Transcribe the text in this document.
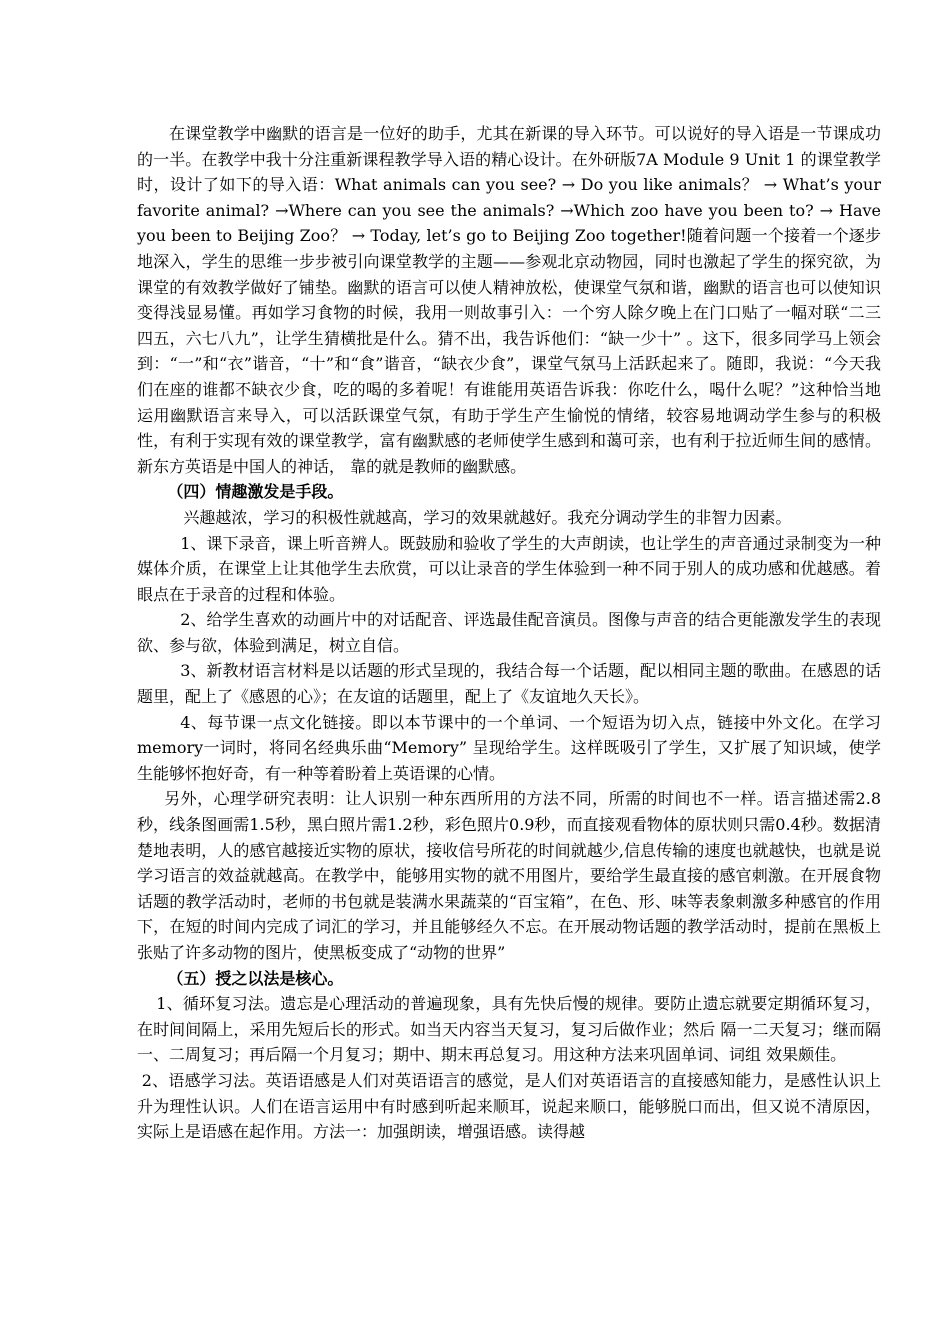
在课堂教学中幽默的语言是一位好的助手，尤其在新课的导入环节。可以说好的导入语是一节课成功的一半。在教学中我十分注重新课程教学导入语的精心设计。在外研版7A Module 9 Unit 1 的课堂教学时，设计了如下的导入语：What animals can you see? → Do you like animals？ → What’s your favorite animal? →Where can you see the animals? →Which zoo have you been to? → Have you been to Beijing Zoo？ → Today, let’s go to Beijing Zoo together!随着问题一个接着一个逐步地深入，学生的思维一步步被引向课堂教学的主题——参观北京动物园，同时也激起了学生的探究欲，为课堂的有效教学做好了铺垫。幽默的语言可以使人精神放松，使课堂气氛和谐，幽默的语言也可以使知识变得浅显易懂。再如学习食物的时候，我用一则故事引入：一个穷人除夕晚上在门口贴了一幅对联“二三四五，六七八九”，让学生猜横批是什么。猜不出，我告诉他们：“缺一少十” 。这下，很多同学马上领会到：“一”和“衣”谐音，“十”和“食”谐音，“缺衣少食”，课堂气氛马上活跃起来了。随即，我说：“今天我们在座的谁都不缺衣少食，吃的喝的多着呢！有谁能用英语告诉我：你吃什么，喝什么呢？”这种恰当地运用幽默语言来导入，可以活跃课堂气氛，有助于学生产生愉悦的情绪，较容易地调动学生参与的积极性，有利于实现有效的课堂教学，富有幽默感的老师使学生感到和蔼可亲，也有利于拉近师生间的感情。新东方英语是中国人的神话， 靠的就是教师的幽默感。

（四）情趣激发是手段。

兴趣越浓，学习的积极性就越高，学习的效果就越好。我充分调动学生的非智力因素。

1、课下录音，课上听音辨人。既鼓励和验收了学生的大声朗读，也让学生的声音通过录制变为一种媒体介质，在课堂上让其他学生去欣赏，可以让录音的学生体验到一种不同于别人的成功感和优越感。着眼点在于录音的过程和体验。

2、给学生喜欢的动画片中的对话配音、评选最佳配音演员。图像与声音的结合更能激发学生的表现欲、参与欲，体验到满足，树立自信。

3、新教材语言材料是以话题的形式呈现的，我结合每一个话题，配以相同主题的歌曲。在感恩的话题里，配上了《感恩的心》；在友谊的话题里，配上了《友谊地久天长》。

4、每节课一点文化链接。即以本节课中的一个单词、一个短语为切入点，链接中外文化。在学习memory一词时，将同名经典乐曲“Memory” 呈现给学生。这样既吸引了学生，又扩展了知识域，使学生能够怀抱好奇，有一种等着盼着上英语课的心情。

另外，心理学研究表明：让人识别一种东西所用的方法不同，所需的时间也不一样。语言描述需2.8秒，线条图画需1.5秒，黑白照片需1.2秒，彩色照片0.9秒，而直接观看物体的原状则只需0.4秒。数据清楚地表明，人的感官越接近实物的原状，接收信号所花的时间就越少,信息传输的速度也就越快，也就是说学习语言的效益就越高。在教学中，能够用实物的就不用图片，要给学生最直接的感官刺激。在开展食物话题的教学活动时，老师的书包就是装满水果蔬菜的“百宝箱”，在色、形、味等表象刺激多种感官的作用下，在短的时间内完成了词汇的学习，并且能够经久不忘。在开展动物话题的教学活动时，提前在黑板上张贴了许多动物的图片，使黑板变成了“动物的世界”

（五）授之以法是核心。

1、循环复习法。遗忘是心理活动的普遍现象，具有先快后慢的规律。要防止遗忘就要定期循环复习，在时间间隔上，采用先短后长的形式。如当天内容当天复习，复习后做作业；然后 隔一二天复习；继而隔一、二周复习；再后隔一个月复习；期中、期末再总复习。用这种方法来巩固单词、词组 效果颇佳。

2、语感学习法。英语语感是人们对英语语言的感觉，是人们对英语语言的直接感知能力，是感性认识上升为理性认识。人们在语言运用中有时感到听起来顺耳，说起来顺口，能够脱口而出，但又说不清原因，实际上是语感在起作用。方法一：加强朗读，增强语感。读得越
